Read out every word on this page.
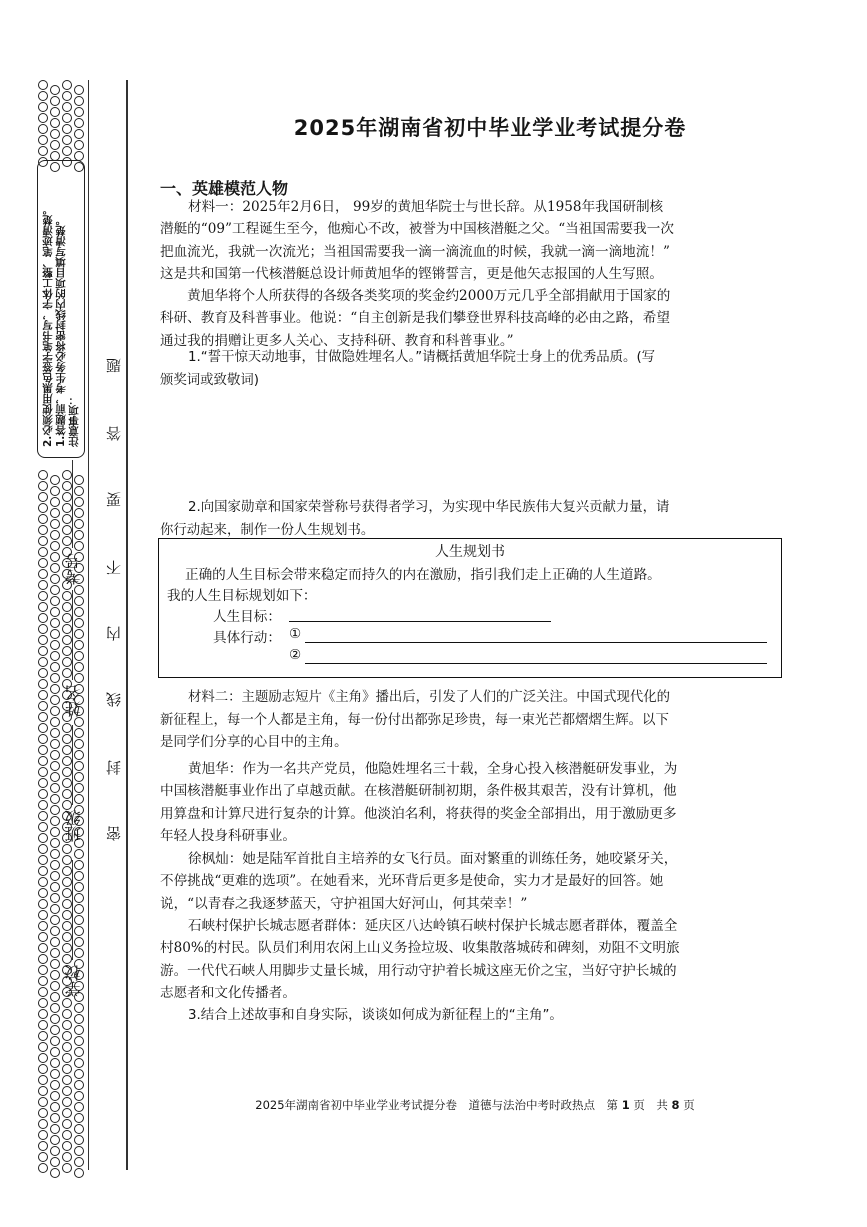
2.必须使用黑色签字笔书写，字体工整、笔迹清楚。 1.答题前，考生务必将密封线内的项目填写清楚。 注意事项：
题
答
要
不
内
线
封
密
考号
姓名
班级
学校
2025年湖南省初中毕业学业考试提分卷
一、英雄模范人物
材料一：2025年2月6日， 99岁的黄旭华院士与世长辞。从1958年我国研制核
潜艇的“09”工程诞生至今，他痴心不改，被誉为中国核潜艇之父。“当祖国需要我一次
把血流光，我就一次流光；当祖国需要我一滴一滴流血的时候，我就一滴一滴地流！”
这是共和国第一代核潜艇总设计师黄旭华的铿锵誓言，更是他矢志报国的人生写照。
　　黄旭华将个人所获得的各级各类奖项的奖金约2000万元几乎全部捐献用于国家的
科研、教育及科普事业。他说：“自主创新是我们攀登世界科技高峰的必由之路，希望
通过我的捐赠让更多人关心、支持科研、教育和科普事业。”
1.“誓干惊天动地事，甘做隐姓埋名人。”请概括黄旭华院士身上的优秀品质。(写
颁奖词或致敬词)
2.向国家勋章和国家荣誉称号获得者学习，为实现中华民族伟大复兴贡献力量，请
你行动起来，制作一份人生规划书。
人生规划书
正确的人生目标会带来稳定而持久的内在激励，指引我们走上正确的人生道路。
我的人生目标规划如下：
人生目标：
具体行动： ①
②
材料二：主题励志短片《主角》播出后，引发了人们的广泛关注。中国式现代化的
新征程上，每一个人都是主角，每一份付出都弥足珍贵，每一束光芒都熠熠生辉。以下
是同学们分享的心目中的主角。
黄旭华：作为一名共产党员，他隐姓埋名三十载，全身心投入核潜艇研发事业，为
中国核潜艇事业作出了卓越贡献。在核潜艇研制初期，条件极其艰苦，没有计算机，他
用算盘和计算尺进行复杂的计算。他淡泊名利，将获得的奖金全部捐出，用于激励更多
年轻人投身科研事业。
徐枫灿：她是陆军首批自主培养的女飞行员。面对繁重的训练任务，她咬紧牙关，
不停挑战“更难的选项”。在她看来，光环背后更多是使命，实力才是最好的回答。她
说，“以青春之我逐梦蓝天，守护祖国大好河山，何其荣幸！”
石峡村保护长城志愿者群体：延庆区八达岭镇石峡村保护长城志愿者群体，覆盖全
村80%的村民。队员们利用农闲上山义务捡垃圾、收集散落城砖和碑刻，劝阻不文明旅
游。一代代石峡人用脚步丈量长城，用行动守护着长城这座无价之宝，当好守护长城的
志愿者和文化传播者。
3.结合上述故事和自身实际，谈谈如何成为新征程上的“主角”。
2025年湖南省初中毕业学业考试提分卷　道德与法治中考时政热点　第 1 页　共 8 页
